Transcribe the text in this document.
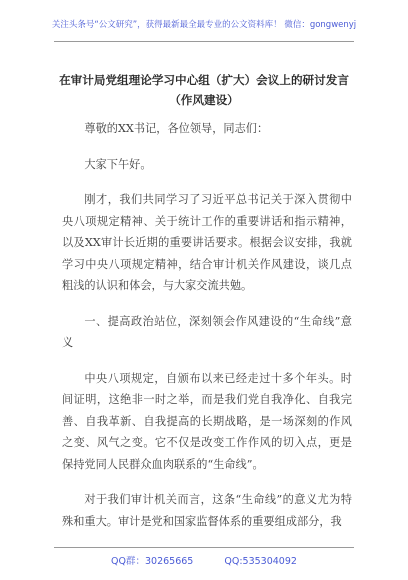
关注头条号“公文研究”，获得最新最全最专业的公文资料库！ 微信：gongwenyj
在审计局党组理论学习中心组（扩大）会议上的研讨发言
（作风建设）

尊敬的XX书记，各位领导，同志们：

大家下午好。

刚才，我们共同学习了习近平总书记关于深入贯彻中央八项规定精神、关于统计工作的重要讲话和指示精神，以及XX审计长近期的重要讲话要求。根据会议安排，我就学习中央八项规定精神，结合审计机关作风建设，谈几点粗浅的认识和体会，与大家交流共勉。

一、提高政治站位，深刻领会作风建设的“生命线”意义

中央八项规定，自颁布以来已经走过十多个年头。时间证明，这绝非一时之举，而是我们党自我净化、自我完善、自我革新、自我提高的长期战略，是一场深刻的作风之变、风气之变。它不仅是改变工作作风的切入点，更是保持党同人民群众血肉联系的“生命线”。

对于我们审计机关而言，这条“生命线”的意义尤为特殊和重大。审计是党和国家监督体系的重要组成部分，我

QQ群：30265665	QQ:535304092
